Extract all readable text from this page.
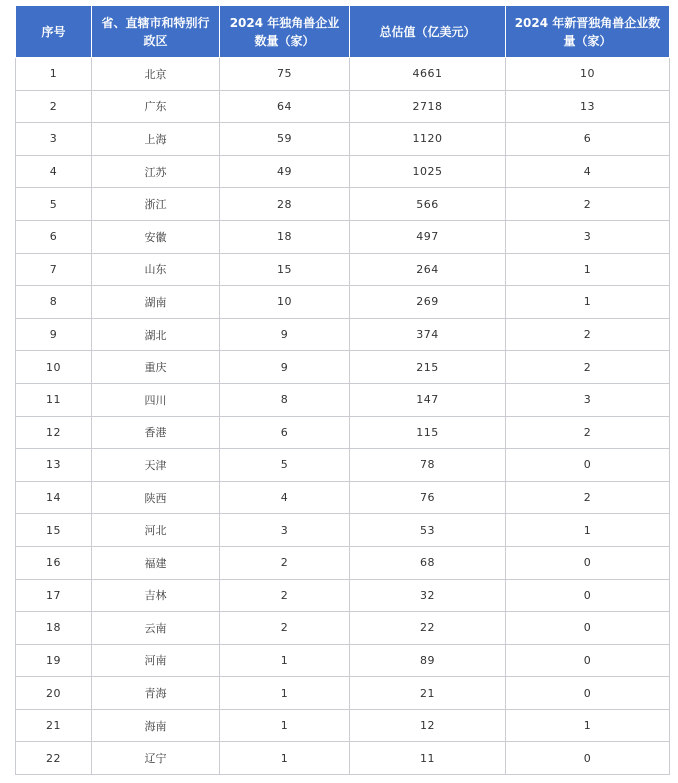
序号	省、直辖市和特别行政区	2024 年独角兽企业数量（家）	总估值（亿美元）	2024 年新晋独角兽企业数量（家）
1	北京	75	4661	10
2	广东	64	2718	13
3	上海	59	1120	6
4	江苏	49	1025	4
5	浙江	28	566	2
6	安徽	18	497	3
7	山东	15	264	1
8	湖南	10	269	1
9	湖北	9	374	2
10	重庆	9	215	2
11	四川	8	147	3
12	香港	6	115	2
13	天津	5	78	0
14	陕西	4	76	2
15	河北	3	53	1
16	福建	2	68	0
17	吉林	2	32	0
18	云南	2	22	0
19	河南	1	89	0
20	青海	1	21	0
21	海南	1	12	1
22	辽宁	1	11	0
